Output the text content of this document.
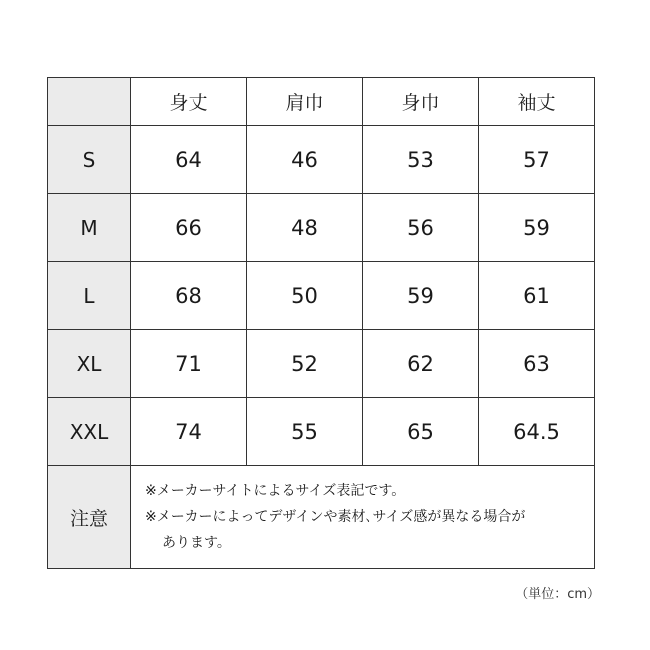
	身丈	肩巾	身巾	袖丈
S	64	46	53	57
M	66	48	56	59
L	68	50	59	61
XL	71	52	62	63
XXL	74	55	65	64.5
注意	※メーカーサイトによるサイズ表記です。
※メーカーによってデザインや素材､サイズ感が異なる場合が
あります。			
（単位：cm）
